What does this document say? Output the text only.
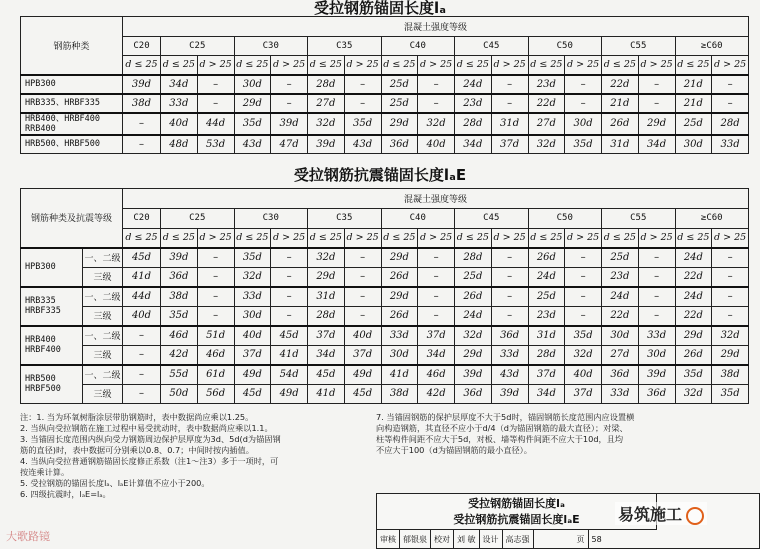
受拉钢筋锚固长度lₐ
钢筋种类	混凝土强度等级																
	C20	C25		C30		C35		C40		C45		C50		C55		≥C60	
	d ≤ 25	d ≤ 25	d > 25	d ≤ 25	d > 25	d ≤ 25	d > 25	d ≤ 25	d > 25	d ≤ 25	d > 25	d ≤ 25	d > 25	d ≤ 25	d > 25	d ≤ 25	d > 25
HPB300	39d	34d	–	30d	–	28d	–	25d	–	24d	–	23d	–	22d	–	21d	–
HRB335、HRBF335	38d	33d	–	29d	–	27d	–	25d	–	23d	–	22d	–	21d	–	21d	–
HRB400、HRBF400 RRB400	–	40d	44d	35d	39d	32d	35d	29d	32d	28d	31d	27d	30d	26d	29d	25d	28d
HRB500、HRBF500	–	48d	53d	43d	47d	39d	43d	36d	40d	34d	37d	32d	35d	31d	34d	30d	33d
受拉钢筋抗震锚固长度lₐE
钢筋种类及抗震等级		混凝土强度等级																
		C20	C25		C30		C35		C40		C45		C50		C55		≥C60	
		d ≤ 25	d ≤ 25	d > 25	d ≤ 25	d > 25	d ≤ 25	d > 25	d ≤ 25	d > 25	d ≤ 25	d > 25	d ≤ 25	d > 25	d ≤ 25	d > 25	d ≤ 25	d > 25
HPB300	一、二级	45d	39d	–	35d	–	32d	–	29d	–	28d	–	26d	–	25d	–	24d	–
	三级	41d	36d	–	32d	–	29d	–	26d	–	25d	–	24d	–	23d	–	22d	–
HRB335 HRBF335	一、二级	44d	38d	–	33d	–	31d	–	29d	–	26d	–	25d	–	24d	–	24d	–
	三级	40d	35d	–	30d	–	28d	–	26d	–	24d	–	23d	–	22d	–	22d	–
HRB400 HRBF400	一、二级	–	46d	51d	40d	45d	37d	40d	33d	37d	32d	36d	31d	35d	30d	33d	29d	32d
	三级	–	42d	46d	37d	41d	34d	37d	30d	34d	29d	33d	28d	32d	27d	30d	26d	29d
HRB500 HRBF500	一、二级	–	55d	61d	49d	54d	45d	49d	41d	46d	39d	43d	37d	40d	36d	39d	35d	38d
	三级	–	50d	56d	45d	49d	41d	45d	38d	42d	36d	39d	34d	37d	33d	36d	32d	35d
注：1. 当为环氧树脂涂层带肋钢筋时，表中数据尚应乘以1.25。
2. 当纵向受拉钢筋在施工过程中易受扰动时，表中数据尚应乘以1.1。
3. 当锚固长度范围内纵向受力钢筋周边保护层厚度为3d、5d(d为锚固钢
筋的直径)时，表中数据可分别乘以0.8、0.7；中间时按内插值。
4. 当纵向受拉普通钢筋锚固长度修正系数（注1～注3）多于一项时，可
按连乘计算。
5. 受拉钢筋的锚固长度lₐ、lₐE计算值不应小于200。
6. 四级抗震时，lₐE=lₐ。
7. 当锚固钢筋的保护层厚度不大于5d时，锚固钢筋长度范围内应设置横
向构造钢筋，其直径不应小于d/4（d为锚固钢筋的最大直径）；对梁、
柱等构件间距不应大于5d，对板、墙等构件间距不应大于10d，且均
不应大于100（d为锚固钢筋的最小直径）。
受拉钢筋锚固长度lₐ
受拉钢筋抗震锚固长度lₐE
审核 郁银泉 校对 刘 敏 设计 高志强	页 58
易筑施工
大歌路镜
